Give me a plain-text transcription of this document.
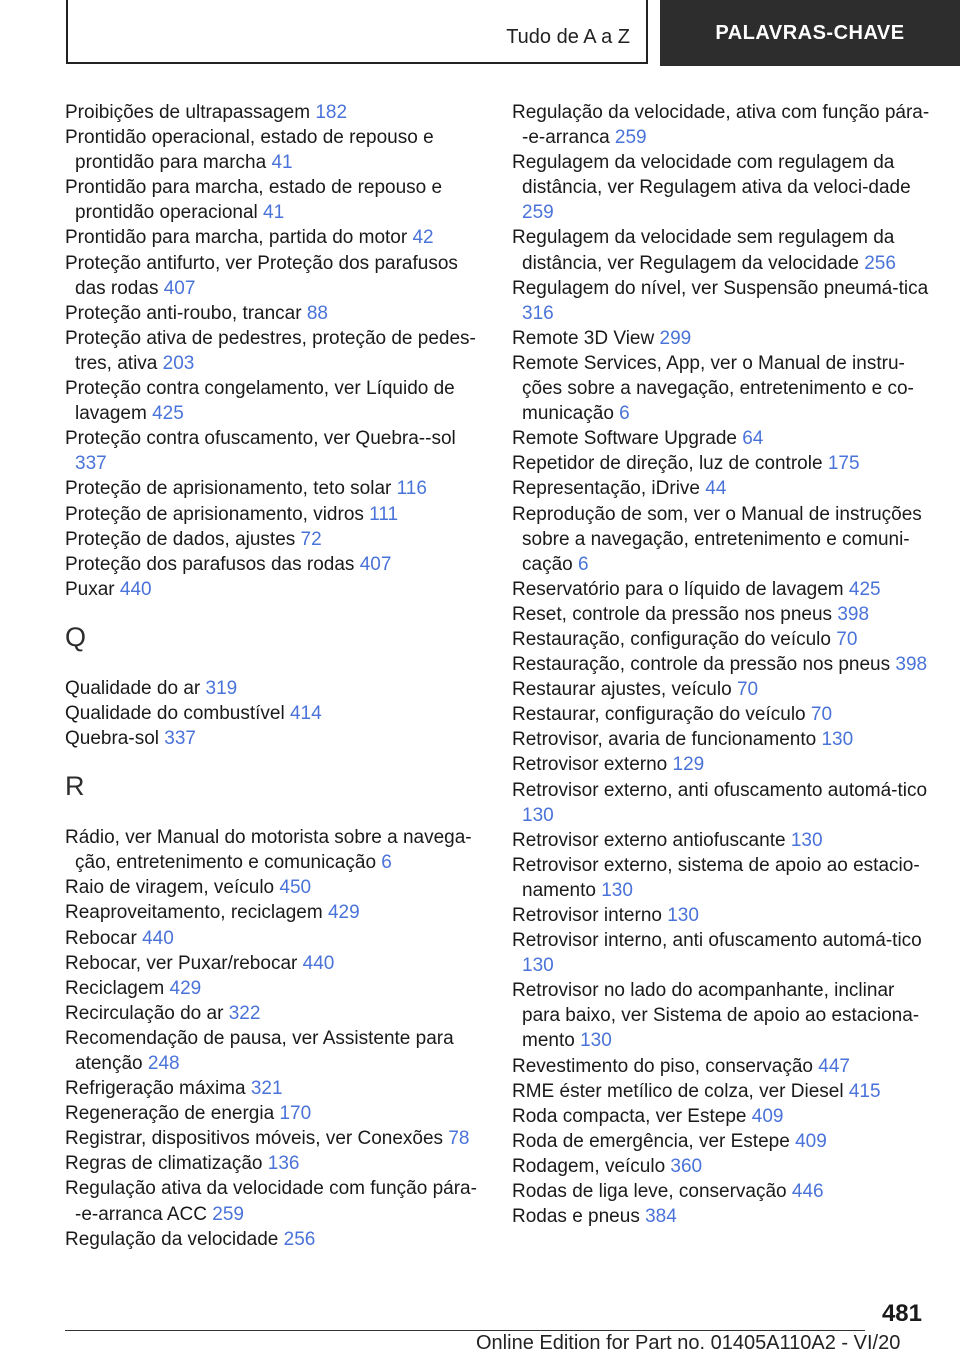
Tudo de A a Z	PALAVRAS-CHAVE
Proibições de ultrapassagem 182
Prontidão operacional, estado de repouso e prontidão para marcha 41
Prontidão para marcha, estado de repouso e prontidão operacional 41
Prontidão para marcha, partida do motor 42
Proteção antifurto, ver Proteção dos parafusos das rodas 407
Proteção anti-roubo, trancar 88
Proteção ativa de pedestres, proteção de pedes-tres, ativa 203
Proteção contra congelamento, ver Líquido de lavagem 425
Proteção contra ofuscamento, ver Quebra-‑sol 337
Proteção de aprisionamento, teto solar 116
Proteção de aprisionamento, vidros 111
Proteção de dados, ajustes 72
Proteção dos parafusos das rodas 407
Puxar 440
Q
Qualidade do ar 319
Qualidade do combustível 414
Quebra-sol 337
R
Rádio, ver Manual do motorista sobre a navega-ção, entretenimento e comunicação 6
Raio de viragem, veículo 450
Reaproveitamento, reciclagem 429
Rebocar 440
Rebocar, ver Puxar/rebocar 440
Reciclagem 429
Recirculação do ar 322
Recomendação de pausa, ver Assistente para atenção 248
Refrigeração máxima 321
Regeneração de energia 170
Registrar, dispositivos móveis, ver Conexões 78
Regras de climatização 136
Regulação ativa da velocidade com função pára-‑e-arranca ACC 259
Regulação da velocidade 256
Regulação da velocidade, ativa com função pára-‑e-arranca 259
Regulagem da velocidade com regulagem da distância, ver Regulagem ativa da veloci-dade 259
Regulagem da velocidade sem regulagem da distância, ver Regulagem da velocidade 256
Regulagem do nível, ver Suspensão pneumá-tica 316
Remote 3D View 299
Remote Services, App, ver o Manual de instru-ções sobre a navegação, entretenimento e co-municação 6
Remote Software Upgrade 64
Repetidor de direção, luz de controle 175
Representação, iDrive 44
Reprodução de som, ver o Manual de instruções sobre a navegação, entretenimento e comuni-cação 6
Reservatório para o líquido de lavagem 425
Reset, controle da pressão nos pneus 398
Restauração, configuração do veículo 70
Restauração, controle da pressão nos pneus 398
Restaurar ajustes, veículo 70
Restaurar, configuração do veículo 70
Retrovisor, avaria de funcionamento 130
Retrovisor externo 129
Retrovisor externo, anti ofuscamento automá-tico 130
Retrovisor externo antiofuscante 130
Retrovisor externo, sistema de apoio ao estacio-namento 130
Retrovisor interno 130
Retrovisor interno, anti ofuscamento automá-tico 130
Retrovisor no lado do acompanhante, inclinar para baixo, ver Sistema de apoio ao estaciona-mento 130
Revestimento do piso, conservação 447
RME éster metílico de colza, ver Diesel 415
Roda compacta, ver Estepe 409
Roda de emergência, ver Estepe 409
Rodagem, veículo 360
Rodas de liga leve, conservação 446
Rodas e pneus 384
481
Online Edition for Part no. 01405A110A2 - VI/20
